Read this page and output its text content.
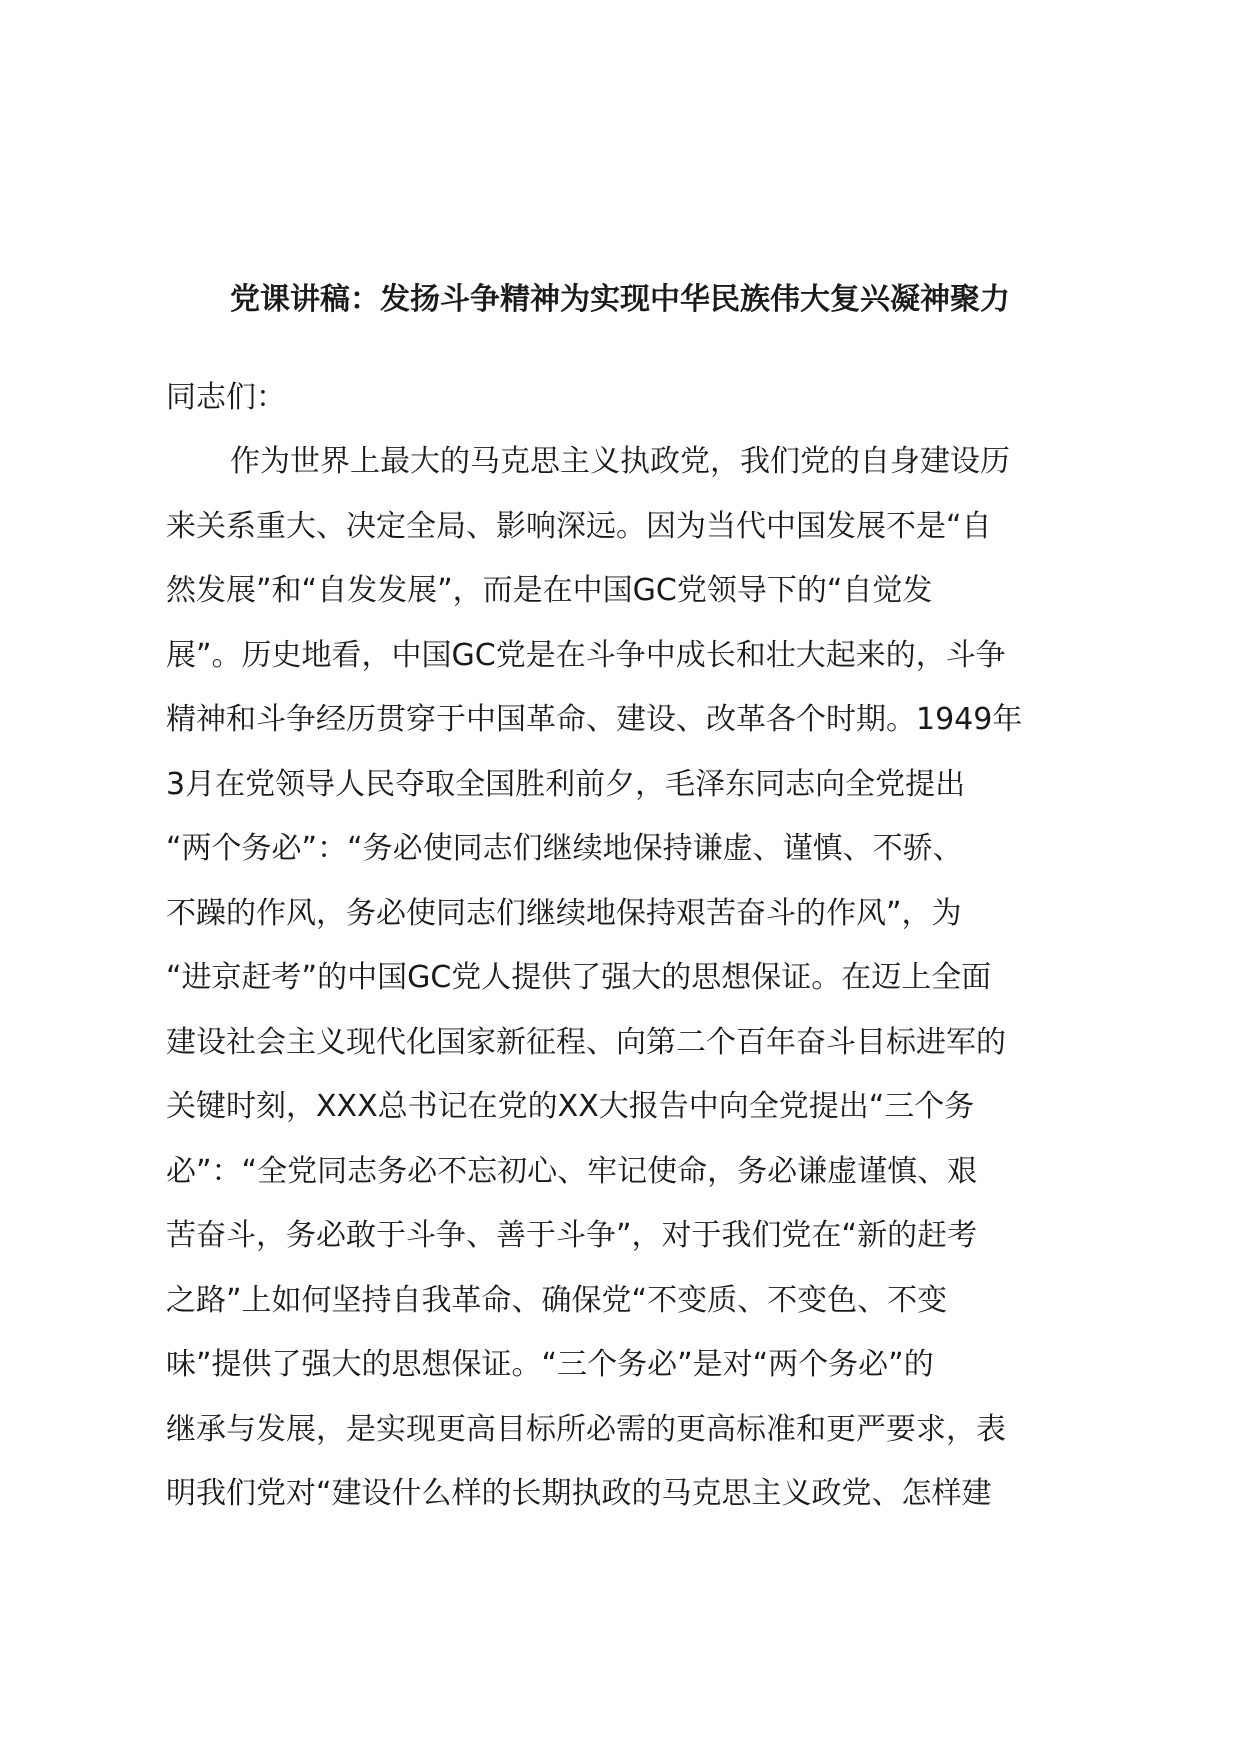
党课讲稿：发扬斗争精神为实现中华民族伟大复兴凝神聚力

同志们：

作为世界上最大的马克思主义执政党，我们党的自身建设历
来关系重大、决定全局、影响深远。因为当代中国发展不是“自
然发展”和“自发发展”，而是在中国GC党领导下的“自觉发
展”。历史地看，中国GC党是在斗争中成长和壮大起来的，斗争
精神和斗争经历贯穿于中国革命、建设、改革各个时期。1949年
3月在党领导人民夺取全国胜利前夕，毛泽东同志向全党提出
“两个务必”：“务必使同志们继续地保持谦虚、谨慎、不骄、
不躁的作风，务必使同志们继续地保持艰苦奋斗的作风”，为
“进京赶考”的中国GC党人提供了强大的思想保证。在迈上全面
建设社会主义现代化国家新征程、向第二个百年奋斗目标进军的
关键时刻，XXX总书记在党的XX大报告中向全党提出“三个务
必”：“全党同志务必不忘初心、牢记使命，务必谦虚谨慎、艰
苦奋斗，务必敢于斗争、善于斗争”，对于我们党在“新的赶考
之路”上如何坚持自我革命、确保党“不变质、不变色、不变
味”提供了强大的思想保证。“三个务必”是对“两个务必”的
继承与发展，是实现更高目标所必需的更高标准和更严要求，表
明我们党对“建设什么样的长期执政的马克思主义政党、怎样建
